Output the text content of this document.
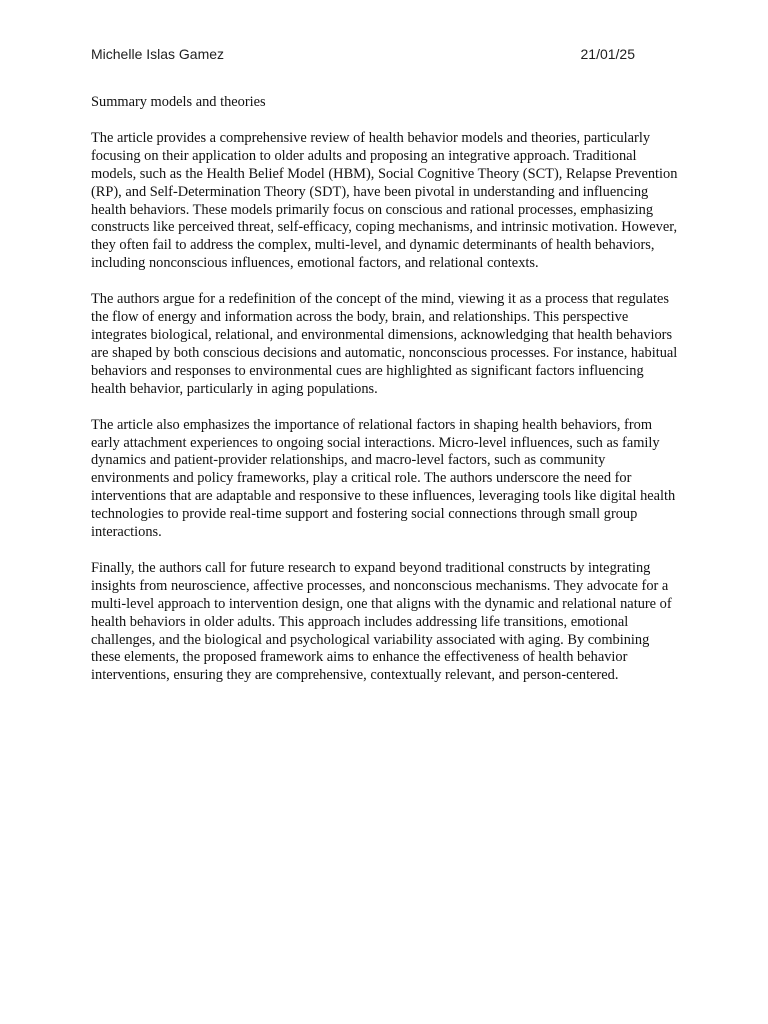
Michelle Islas Gamez	21/01/25
Summary models and theories

The article provides a comprehensive review of health behavior models and theories, particularly focusing on their application to older adults and proposing an integrative approach. Traditional models, such as the Health Belief Model (HBM), Social Cognitive Theory (SCT), Relapse Prevention (RP), and Self-Determination Theory (SDT), have been pivotal in understanding and influencing health behaviors. These models primarily focus on conscious and rational processes, emphasizing constructs like perceived threat, self-efficacy, coping mechanisms, and intrinsic motivation. However, they often fail to address the complex, multi-level, and dynamic determinants of health behaviors, including nonconscious influences, emotional factors, and relational contexts.

The authors argue for a redefinition of the concept of the mind, viewing it as a process that regulates the flow of energy and information across the body, brain, and relationships. This perspective integrates biological, relational, and environmental dimensions, acknowledging that health behaviors are shaped by both conscious decisions and automatic, nonconscious processes. For instance, habitual behaviors and responses to environmental cues are highlighted as significant factors influencing health behavior, particularly in aging populations.

The article also emphasizes the importance of relational factors in shaping health behaviors, from early attachment experiences to ongoing social interactions. Micro-level influences, such as family dynamics and patient-provider relationships, and macro-level factors, such as community environments and policy frameworks, play a critical role. The authors underscore the need for interventions that are adaptable and responsive to these influences, leveraging tools like digital health technologies to provide real-time support and fostering social connections through small group interactions.

Finally, the authors call for future research to expand beyond traditional constructs by integrating insights from neuroscience, affective processes, and nonconscious mechanisms. They advocate for a multi-level approach to intervention design, one that aligns with the dynamic and relational nature of health behaviors in older adults. This approach includes addressing life transitions, emotional challenges, and the biological and psychological variability associated with aging. By combining these elements, the proposed framework aims to enhance the effectiveness of health behavior interventions, ensuring they are comprehensive, contextually relevant, and person-centered.
